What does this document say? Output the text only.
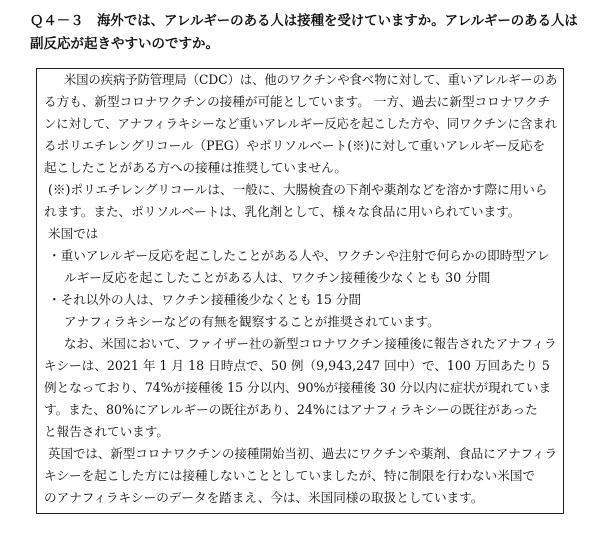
Ｑ４－３　海外では、アレルギーのある人は接種を受けていますか。アレルギーのある人は
副反応が起きやすいのですか。
米国の疾病予防管理局（CDC）は、他のワクチンや食べ物に対して、重いアレルギーのあ
る方も、新型コロナワクチンの接種が可能としています。 一方、過去に新型コロナワクチ
ンに対して、アナフィラキシーなど重いアレルギー反応を起こした方や、同ワクチンに含まれ
るポリエチレングリコール（PEG）やポリソルベート(※)に対して重いアレルギー反応を
起こしたことがある方への接種は推奨していません。
(※)ポリエチレングリコールは、一般に、大腸検査の下剤や薬剤などを溶かす際に用いら
れます。また、ポリソルベートは、乳化剤として、様々な食品に用いられています。
米国では
・重いアレルギー反応を起こしたことがある人や、ワクチンや注射で何らかの即時型アレ
ルギー反応を起こしたことがある人は、ワクチン接種後少なくとも 30 分間
・それ以外の人は、ワクチン接種後少なくとも 15 分間
アナフィラキシーなどの有無を観察することが推奨されています。
なお、米国において、ファイザー社の新型コロナワクチン接種後に報告されたアナフィラ
キシーは、2021 年 1 月 18 日時点で、50 例（9,943,247 回中）で、100 万回あたり 5
例となっており、74%が接種後 15 分以内、90%が接種後 30 分以内に症状が現れていま
す。また、80%にアレルギーの既往があり、24%にはアナフィラキシーの既往があった
と報告されています。
英国では、新型コロナワクチンの接種開始当初、過去にワクチンや薬剤、食品にアナフィラ
キシーを起こした方には接種しないこととしていましたが、特に制限を行わない米国で
のアナフィラキシーのデータを踏まえ、今は、米国同様の取扱としています。
